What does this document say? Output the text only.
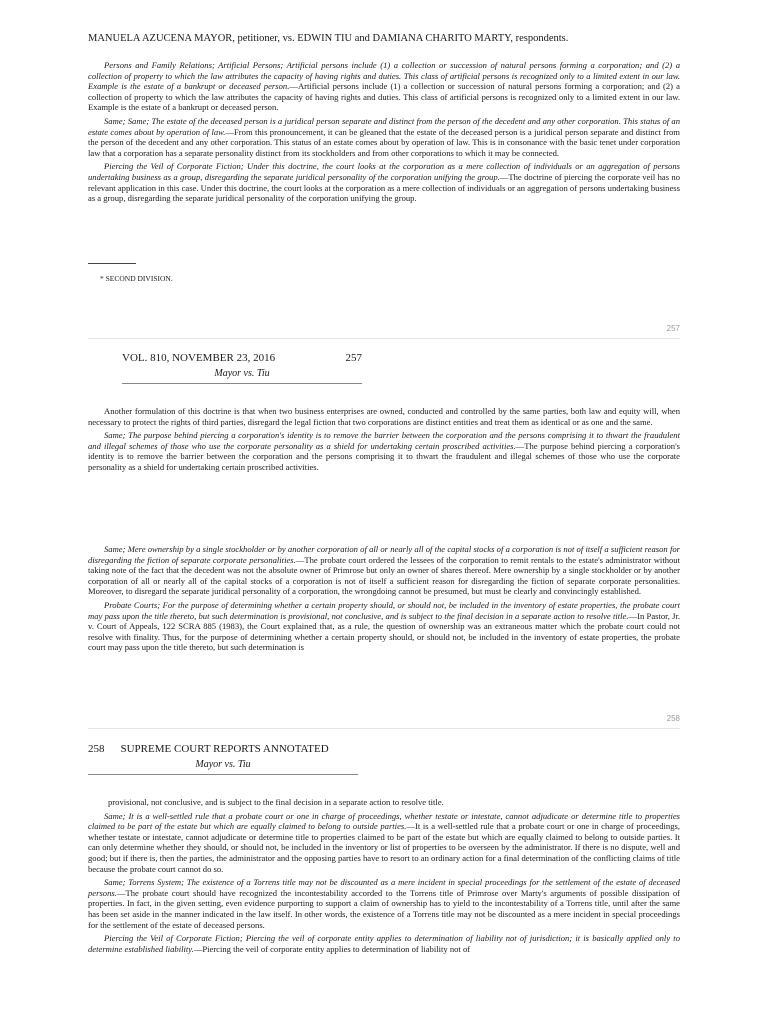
MANUELA AZUCENA MAYOR, petitioner, vs. EDWIN TIU and DAMIANA CHARITO MARTY, respondents.

Persons and Family Relations; Artificial Persons; Artificial persons include (1) a collection or succession of natural persons forming a corporation; and (2) a collection of property to which the law attributes the capacity of having rights and duties. This class of artificial persons is recognized only to a limited extent in our law. Example is the estate of a bankrupt or deceased person.—Artificial persons include (1) a collection or succession of natural persons forming a corporation; and (2) a collection of property to which the law attributes the capacity of having rights and duties. This class of artificial persons is recognized only to a limited extent in our law. Example is the estate of a bankrupt or deceased person.

Same; Same; The estate of the deceased person is a juridical person separate and distinct from the person of the decedent and any other corporation. This status of an estate comes about by operation of law.—From this pronouncement, it can be gleaned that the estate of the deceased person is a juridical person separate and distinct from the person of the decedent and any other corporation. This status of an estate comes about by operation of law. This is in consonance with the basic tenet under corporation law that a corporation has a separate personality distinct from its stockholders and from other corporations to which it may be connected.

Piercing the Veil of Corporate Fiction; Under this doctrine, the court looks at the corporation as a mere collection of individuals or an aggregation of persons undertaking business as a group, disregarding the separate juridical personality of the corporation unifying the group.—The doctrine of piercing the corporate veil has no relevant application in this case. Under this doctrine, the court looks at the corporation as a mere collection of individuals or an aggregation of persons undertaking business as a group, disregarding the separate juridical personality of the corporation unifying the group.

* SECOND DIVISION.
257
VOL. 810, NOVEMBER 23, 2016	257
Mayor vs. Tiu

Another formulation of this doctrine is that when two business enterprises are owned, conducted and controlled by the same parties, both law and equity will, when necessary to protect the rights of third parties, disregard the legal fiction that two corporations are distinct entities and treat them as identical or as one and the same.

Same; The purpose behind piercing a corporation's identity is to remove the barrier between the corporation and the persons comprising it to thwart the fraudulent and illegal schemes of those who use the corporate personality as a shield for undertaking certain proscribed activities.—The purpose behind piercing a corporation's identity is to remove the barrier between the corporation and the persons comprising it to thwart the fraudulent and illegal schemes of those who use the corporate personality as a shield for undertaking certain proscribed activities.

Same; Mere ownership by a single stockholder or by another corporation of all or nearly all of the capital stocks of a corporation is not of itself a sufficient reason for disregarding the fiction of separate corporate personalities.—The probate court ordered the lessees of the corporation to remit rentals to the estate's administrator without taking note of the fact that the decedent was not the absolute owner of Primrose but only an owner of shares thereof. Mere ownership by a single stockholder or by another corporation of all or nearly all of the capital stocks of a corporation is not of itself a sufficient reason for disregarding the fiction of separate corporate personalities. Moreover, to disregard the separate juridical personality of a corporation, the wrongdoing cannot be presumed, but must be clearly and convincingly established.

Probate Courts; For the purpose of determining whether a certain property should, or should not, be included in the inventory of estate properties, the probate court may pass upon the title thereto, but such determination is provisional, not conclusive, and is subject to the final decision in a separate action to resolve title.—In Pastor, Jr. v. Court of Appeals, 122 SCRA 885 (1983), the Court explained that, as a rule, the question of ownership was an extraneous matter which the probate court could not resolve with finality. Thus, for the purpose of determining whether a certain property should, or should not, be included in the inventory of estate properties, the probate court may pass upon the title thereto, but such determination is

258
258 SUPREME COURT REPORTS ANNOTATED
Mayor vs. Tiu

provisional, not conclusive, and is subject to the final decision in a separate action to resolve title.

Same; It is a well-settled rule that a probate court or one in charge of proceedings, whether testate or intestate, cannot adjudicate or determine title to properties claimed to be part of the estate but which are equally claimed to belong to outside parties.—It is a well-settled rule that a probate court or one in charge of proceedings, whether testate or intestate, cannot adjudicate or determine title to properties claimed to be part of the estate but which are equally claimed to belong to outside parties. It can only determine whether they should, or should not, be included in the inventory or list of properties to be overseen by the administrator. If there is no dispute, well and good; but if there is, then the parties, the administrator and the opposing parties have to resort to an ordinary action for a final determination of the conflicting claims of title because the probate court cannot do so.

Same; Torrens System; The existence of a Torrens title may not be discounted as a mere incident in special proceedings for the settlement of the estate of deceased persons.—The probate court should have recognized the incontestability accorded to the Torrens title of Primrose over Marty's arguments of possible dissipation of properties. In fact, in the given setting, even evidence purporting to support a claim of ownership has to yield to the incontestability of a Torrens title, until after the same has been set aside in the manner indicated in the law itself. In other words, the existence of a Torrens title may not be discounted as a mere incident in special proceedings for the settlement of the estate of deceased persons.

Piercing the Veil of Corporate Fiction; Piercing the veil of corporate entity applies to determination of liability not of jurisdiction; it is basically applied only to determine established liability.—Piercing the veil of corporate entity applies to determination of liability not of
